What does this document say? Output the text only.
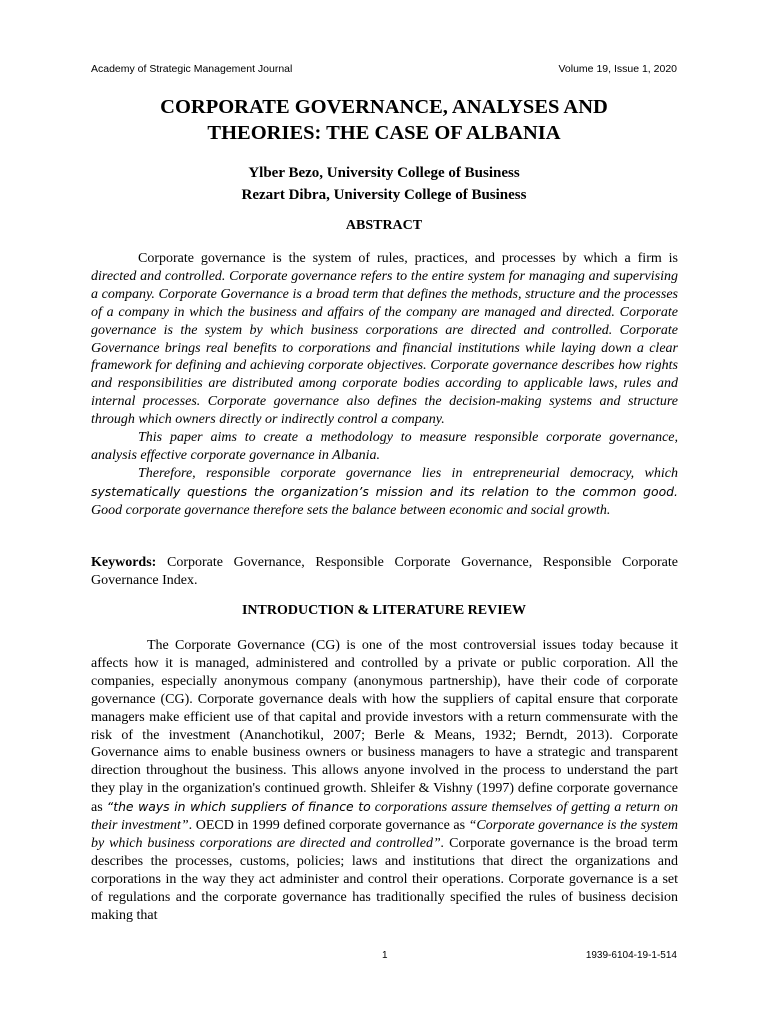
Academy of Strategic Management Journal	Volume 19, Issue 1, 2020
CORPORATE GOVERNANCE, ANALYSES AND
THEORIES: THE CASE OF ALBANIA
Ylber Bezo, University College of Business
Rezart Dibra, University College of Business
ABSTRACT

Corporate governance is the system of rules, practices, and processes by which a firm is directed and controlled. Corporate governance refers to the entire system for managing and supervising a company. Corporate Governance is a broad term that defines the methods, structure and the processes of a company in which the business and affairs of the company are managed and directed. Corporate governance is the system by which business corporations are directed and controlled. Corporate Governance brings real benefits to corporations and financial institutions while laying down a clear framework for defining and achieving corporate objectives. Corporate governance describes how rights and responsibilities are distributed among corporate bodies according to applicable laws, rules and internal processes. Corporate governance also defines the decision-making systems and structure through which owners directly or indirectly control a company.

This paper aims to create a methodology to measure responsible corporate governance, analysis effective corporate governance in Albania.

Therefore, responsible corporate governance lies in entrepreneurial democracy, which systematically questions the organization’s mission and its relation to the common good. Good corporate governance therefore sets the balance between economic and social growth.

Keywords: Corporate Governance, Responsible Corporate Governance, Responsible Corporate Governance Index.

INTRODUCTION & LITERATURE REVIEW

The Corporate Governance (CG) is one of the most controversial issues today because it affects how it is managed, administered and controlled by a private or public corporation. All the companies, especially anonymous company (anonymous partnership), have their code of corporate governance (CG). Corporate governance deals with how the suppliers of capital ensure that corporate managers make efficient use of that capital and provide investors with a return commensurate with the risk of the investment (Ananchotikul, 2007; Berle & Means, 1932; Berndt, 2013). Corporate Governance aims to enable business owners or business managers to have a strategic and transparent direction throughout the business. This allows anyone involved in the process to understand the part they play in the organization's continued growth. Shleifer & Vishny (1997) define corporate governance as “the ways in which suppliers of finance to corporations assure themselves of getting a return on their investment”. OECD in 1999 defined corporate governance as “Corporate governance is the system by which business corporations are directed and controlled”. Corporate governance is the broad term describes the processes, customs, policies; laws and institutions that direct the organizations and corporations in the way they act administer and control their operations. Corporate governance is a set of regulations and the corporate governance has traditionally specified the rules of business decision making that

1	1939-6104-19-1-514
